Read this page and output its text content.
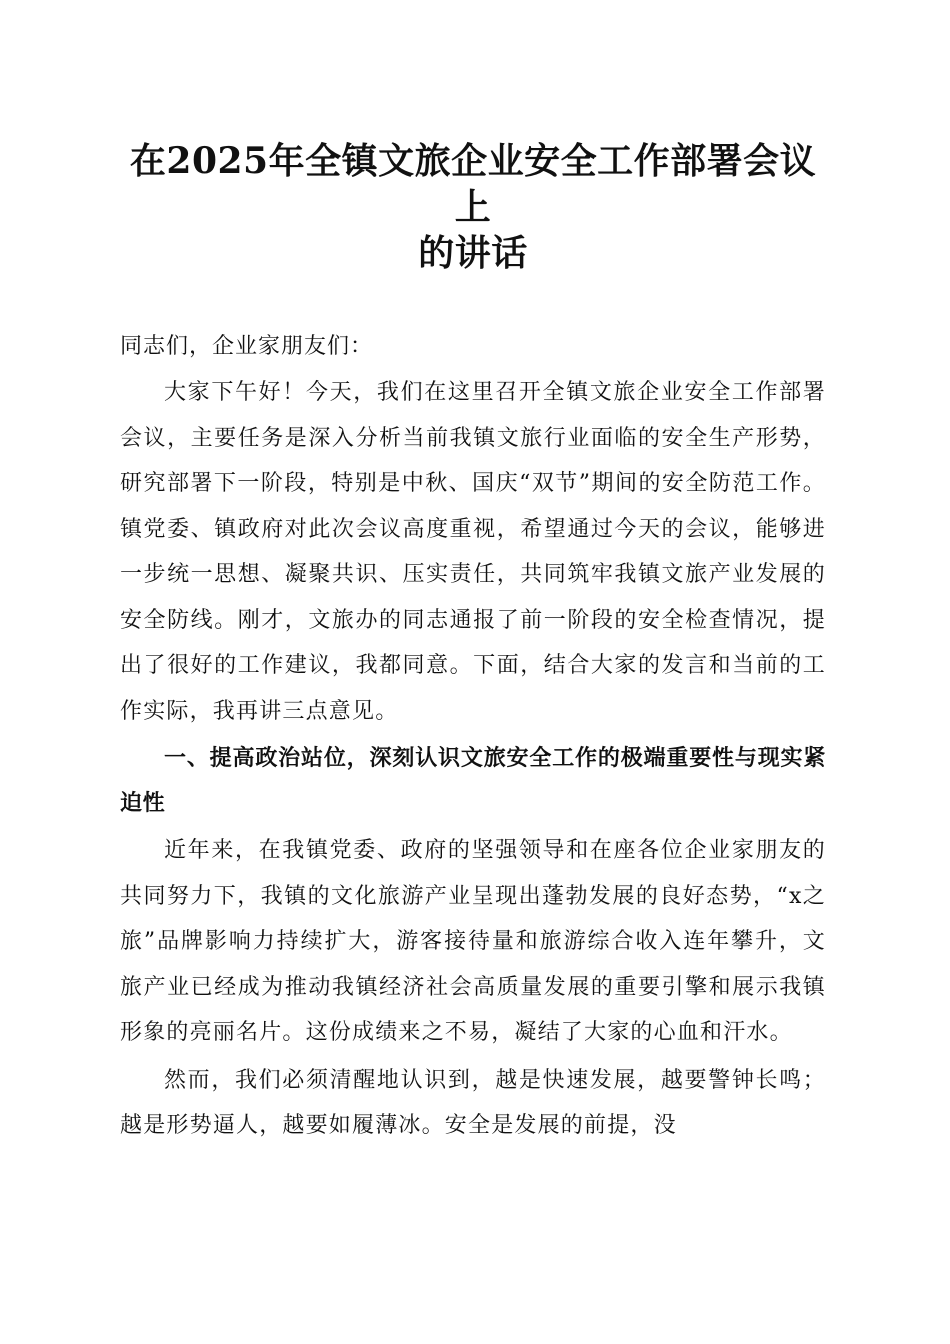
在2025年全镇文旅企业安全工作部署会议上
的讲话

同志们，企业家朋友们：

大家下午好！今天，我们在这里召开全镇文旅企业安全工作部署会议，主要任务是深入分析当前我镇文旅行业面临的安全生产形势，研究部署下一阶段，特别是中秋、国庆“双节”期间的安全防范工作。镇党委、镇政府对此次会议高度重视，希望通过今天的会议，能够进一步统一思想、凝聚共识、压实责任，共同筑牢我镇文旅产业发展的安全防线。刚才，文旅办的同志通报了前一阶段的安全检查情况，提出了很好的工作建议，我都同意。下面，结合大家的发言和当前的工作实际，我再讲三点意见。

一、提高政治站位，深刻认识文旅安全工作的极端重要性与现实紧迫性

近年来，在我镇党委、政府的坚强领导和在座各位企业家朋友的共同努力下，我镇的文化旅游产业呈现出蓬勃发展的良好态势，“x之旅”品牌影响力持续扩大，游客接待量和旅游综合收入连年攀升，文旅产业已经成为推动我镇经济社会高质量发展的重要引擎和展示我镇形象的亮丽名片。这份成绩来之不易，凝结了大家的心血和汗水。

然而，我们必须清醒地认识到，越是快速发展，越要警钟长鸣；越是形势逼人，越要如履薄冰。安全是发展的前提，没
